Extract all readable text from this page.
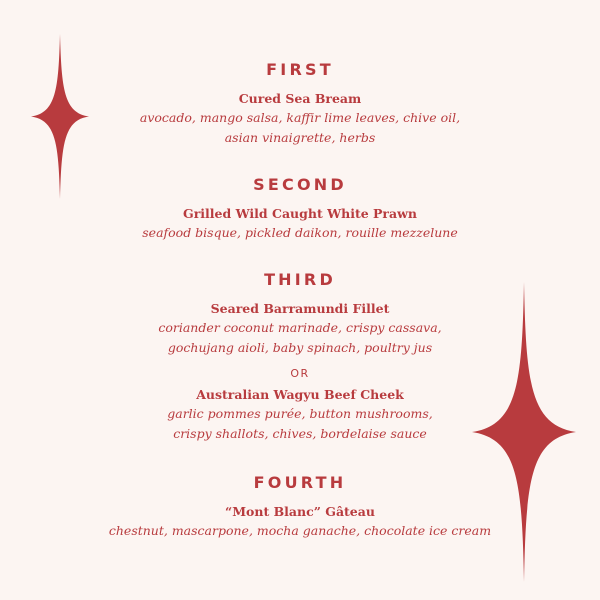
FIRST
Cured Sea Bream
avocado, mango salsa, kaffir lime leaves, chive oil,
asian vinaigrette, herbs
SECOND
Grilled Wild Caught White Prawn
seafood bisque, pickled daikon, rouille mezzelune
THIRD
Seared Barramundi Fillet
coriander coconut marinade, crispy cassava,
gochujang aioli, baby spinach, poultry jus
OR
Australian Wagyu Beef Cheek
garlic pommes purée, button mushrooms,
crispy shallots, chives, bordelaise sauce
FOURTH
“Mont Blanc” Gâteau
chestnut, mascarpone, mocha ganache, chocolate ice cream
